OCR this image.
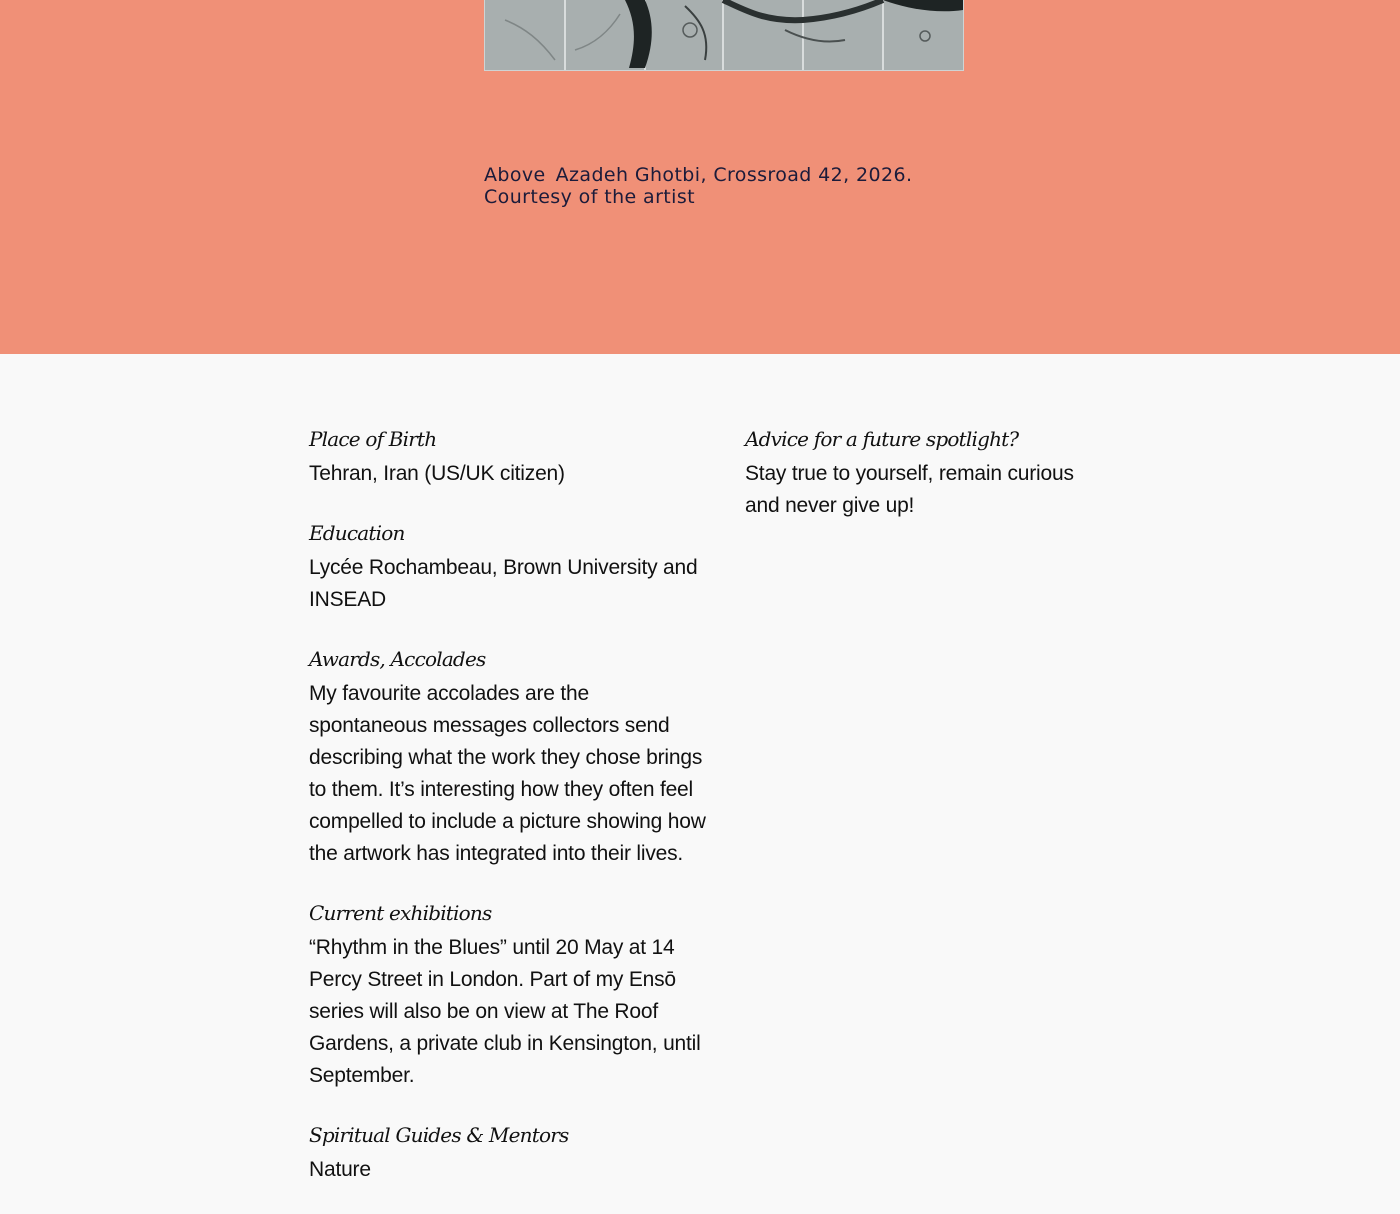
Above Azadeh Ghotbi, Crossroad 42, 2026. Courtesy of the artist

Place of Birth

Tehran, Iran (US/UK citizen)

Education

Lycée Rochambeau, Brown University and INSEAD

Awards, Accolades

My favourite accolades are the spontaneous messages collectors send describing what the work they chose brings to them. It’s interesting how they often feel compelled to include a picture showing how the artwork has integrated into their lives.

Current exhibitions

“Rhythm in the Blues” until 20 May at 14 Percy Street in London. Part of my Ensō series will also be on view at The Roof Gardens, a private club in Kensington, until September.

Spiritual Guides & Mentors

Nature

Advice for a future spotlight?

Stay true to yourself, remain curious and never give up!
